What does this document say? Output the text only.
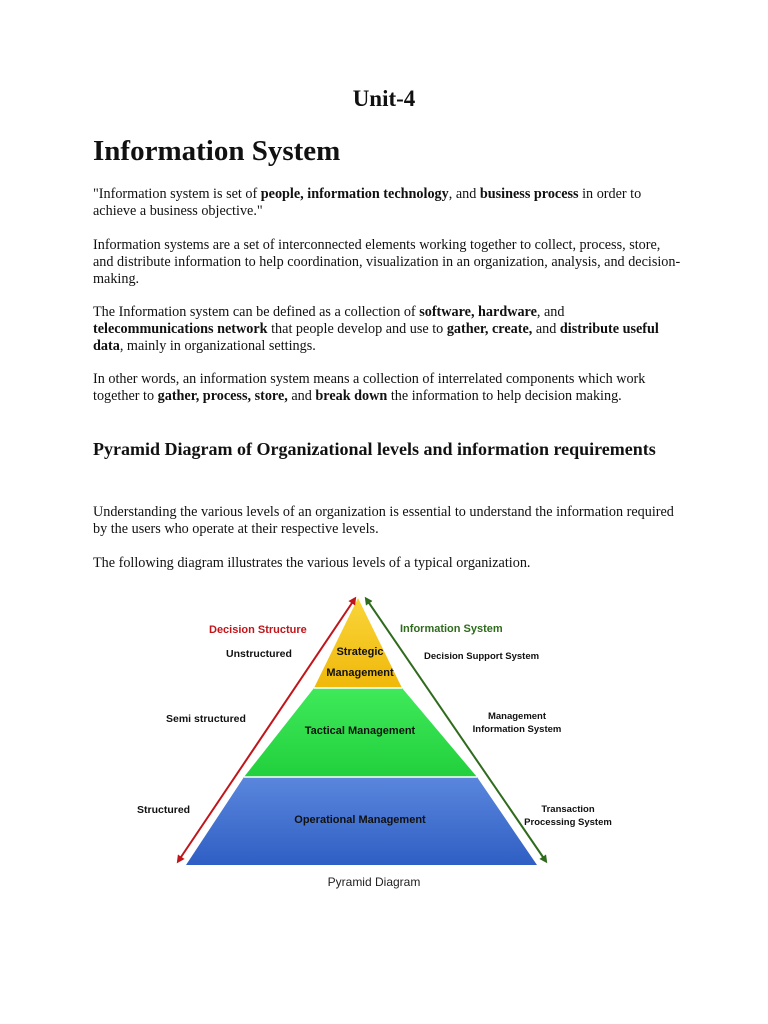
Unit-4
Information System

"Information system is set of people, information technology, and business process in order to achieve a business objective."

Information systems are a set of interconnected elements working together to collect, process, store, and distribute information to help coordination, visualization in an organization, analysis, and decision-making.

The Information system can be defined as a collection of software, hardware, and telecommunications network that people develop and use to gather, create, and distribute useful data, mainly in organizational settings.

In other words, an information system means a collection of interrelated components which work together to gather, process, store, and break down the information to help decision making.

Pyramid Diagram of Organizational levels and information requirements

Understanding the various levels of an organization is essential to understand the information required by the users who operate at their respective levels.

The following diagram illustrates the various levels of a typical organization.

Decision Structure	Information System
Strategic
Management
Tactical Management
Operational Management
Unstructured
Semi structured
Structured
Decision Support System
Management
Information System
Transaction
Processing System
Pyramid Diagram
